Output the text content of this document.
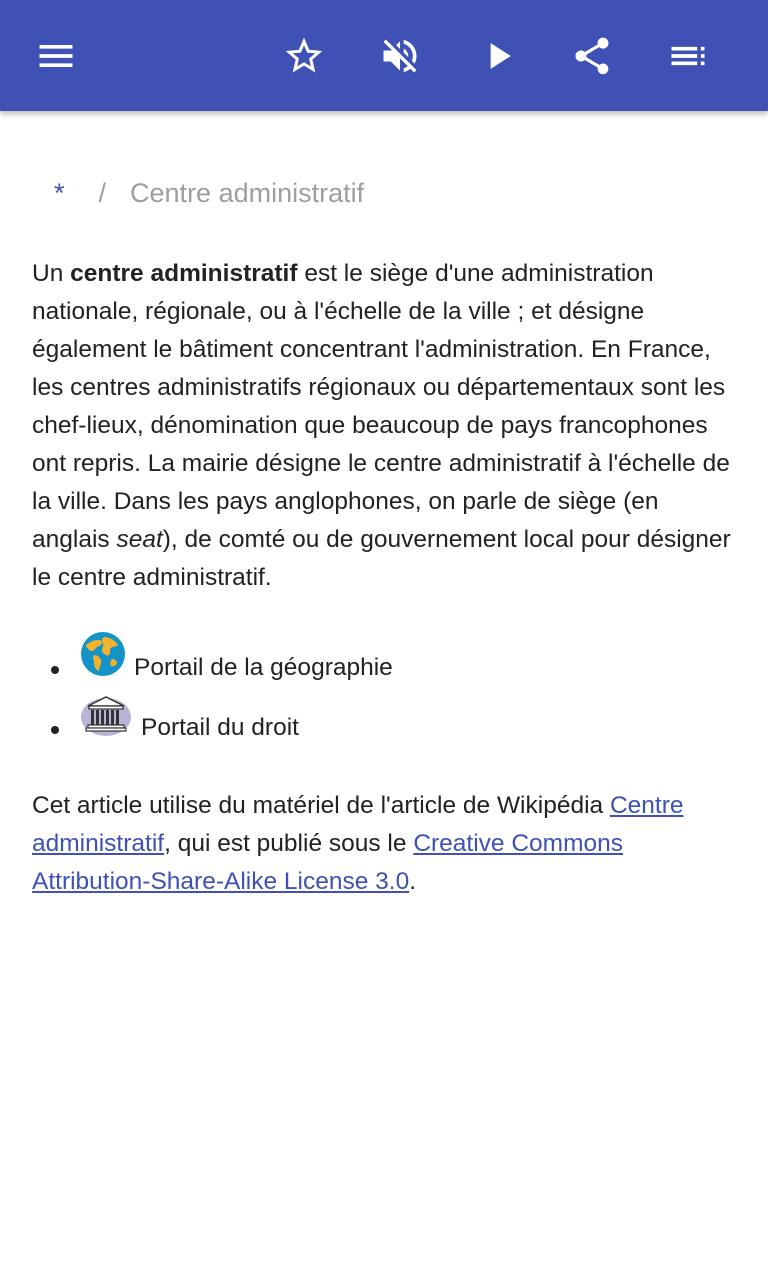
* / Centre administratif

Un centre administratif est le siège d'une administration nationale, régionale, ou à l'échelle de la ville ; et désigne également le bâtiment concentrant l'administration. En France, les centres administratifs régionaux ou départementaux sont les chef-lieux, dénomination que beaucoup de pays francophones ont repris. La mairie désigne le centre administratif à l'échelle de la ville. Dans les pays anglophones, on parle de siège (en anglais seat), de comté ou de gouvernement local pour désigner le centre administratif.

Portail de la géographie
Portail du droit

Cet article utilise du matériel de l'article de Wikipédia Centre administratif, qui est publié sous le Creative Commons Attribution-Share-Alike License 3.0.
